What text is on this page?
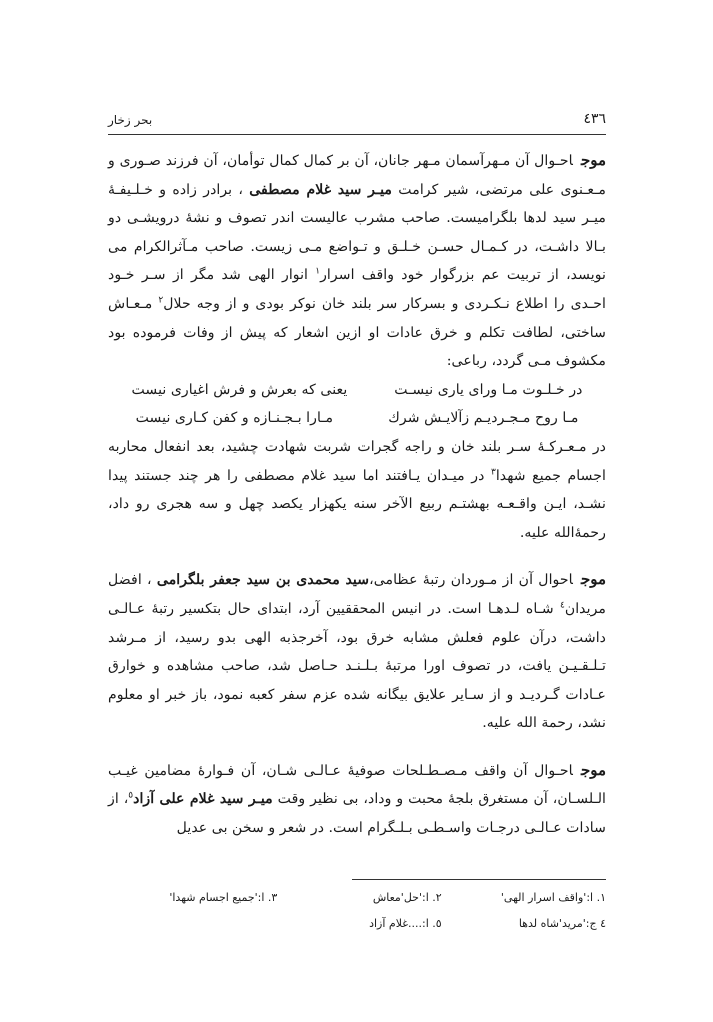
٤٣٦
بحر زخار

موجاحـوال آن مـهرآسمان مـهر جانان، آن بر کمال کمال توأمان، آن فرزند صـوری و مـعـنوی علی مرتضی، شیر کرامت میـر سید غلام مصطفی ، برادر زاده و خـلـیفـۀ میـر سید لدها بلگرامیست. صاحب مشرب عالیست اندر تصوف و نشۀ درویشـی دو بـالا داشـت، در کـمـال حسـن خـلـق و تـواضع مـی زیست. صاحب مـآثرالکرام می نویسد، از تربیت عم بزرگوار خود واقف اسرار$^١$ انوار الهی شد مگر از سـر خـود احـدی را اطلاع نـکـردی و بسرکار سر بلند خان نوکر بودی و از وجه حلال$^٢$ مـعـاش ساختی، لطافت تکلم و خرق عادات او ازین اشعار که پیش از وفات فرموده بود مکشوف مـی گردد، رباعی:

در خـلـوت مـا ورای یاری نیسـت
یعنی که بعرش و فرش اغیاری نیست
مـا روح مـجـردیـم زآلایـش شرك
مـارا بـجـنـازه و کفن کـاری نیست

در مـعـرکـۀ سـر بلند خان و راجه گجرات شربت شهادت چشید، بعد انفعال محاربه اجسام جمیع شهدا$^٣$ در میـدان یـافتند اما سید غلام مصطفی را هر چند جستند پیدا نشـد، ایـن واقـعـه بهشتـم ربیع الآخر سنه یکهزار یکصد چهل و سه هجری رو داد، رحمۀالله علیه.

موجاحوال آن از مـوردان رتبۀ عظامی،سید محمدی بن سید جعفر بلگرامی ، افضل مریدان$^٤$ شـاه لـدهـا است. در انیس المحققیین آرد، ابتدای حال بتکسیر رتبۀ عـالـی داشت، درآن علوم فعلش مشابه خرق بود، آخرجذبه الهی بدو رسید، از مـرشد تـلـقـیـن یافت، در تصوف اورا مرتبۀ بـلـنـد حـاصل شد، صاحب مشاهده و خوارق عـادات گـردیـد و از سـایر علایق بیگانه شده عزم سفر کعبه نمود، باز خبر او معلوم نشد، رحمة الله علیه.

موجاحـوال آن واقف مـصـطـلحات صوفیۀ عـالـی شـان، آن فـوارۀ مضامین غیـب الـلسـان، آن مستغرق بلجۀ محبت و وداد، بی نظیر وقت میـر سید غلام علی آزاد$^٥$، از سادات عـالـی درجـات واسـطـی بـلـگرام است. در شعر و سخن بی عدیل

١. ا:'واقف اسرار الهی'
٢. ا:'حل'معاش
٣. ا:'جمیع اجسام شهدا'
٤ ج:'مرید'شاه لدها
٥. ا:....غلام آزاد
